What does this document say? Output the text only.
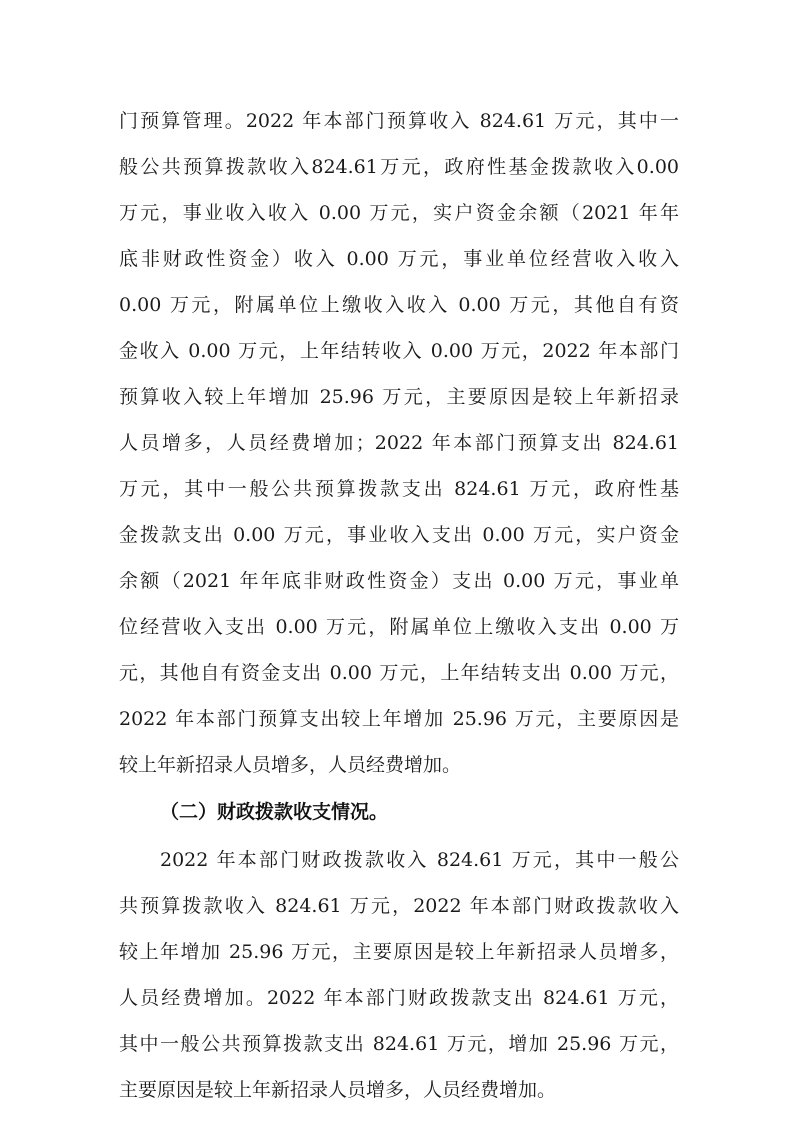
门预算管理。2022 年本部门预算收入 824.61 万元，其中一
般公共预算拨款收入824.61万元，政府性基金拨款收入0.00
万元，事业收入收入 0.00 万元，实户资金余额（2021 年年
底非财政性资金）收入 0.00 万元，事业单位经营收入收入
0.00 万元，附属单位上缴收入收入 0.00 万元，其他自有资
金收入 0.00 万元，上年结转收入 0.00 万元，2022 年本部门
预算收入较上年增加 25.96 万元，主要原因是较上年新招录
人员增多，人员经费增加；2022 年本部门预算支出 824.61
万元，其中一般公共预算拨款支出 824.61 万元，政府性基
金拨款支出 0.00 万元，事业收入支出 0.00 万元，实户资金
余额（2021 年年底非财政性资金）支出 0.00 万元，事业单
位经营收入支出 0.00 万元，附属单位上缴收入支出 0.00 万
元，其他自有资金支出 0.00 万元，上年结转支出 0.00 万元，
2022 年本部门预算支出较上年增加 25.96 万元，主要原因是
较上年新招录人员增多，人员经费增加。
（二）财政拨款收支情况。
2022 年本部门财政拨款收入 824.61 万元，其中一般公
共预算拨款收入 824.61 万元，2022 年本部门财政拨款收入
较上年增加 25.96 万元，主要原因是较上年新招录人员增多，
人员经费增加。2022 年本部门财政拨款支出 824.61 万元，
其中一般公共预算拨款支出 824.61 万元，增加 25.96 万元，
主要原因是较上年新招录人员增多，人员经费增加。
